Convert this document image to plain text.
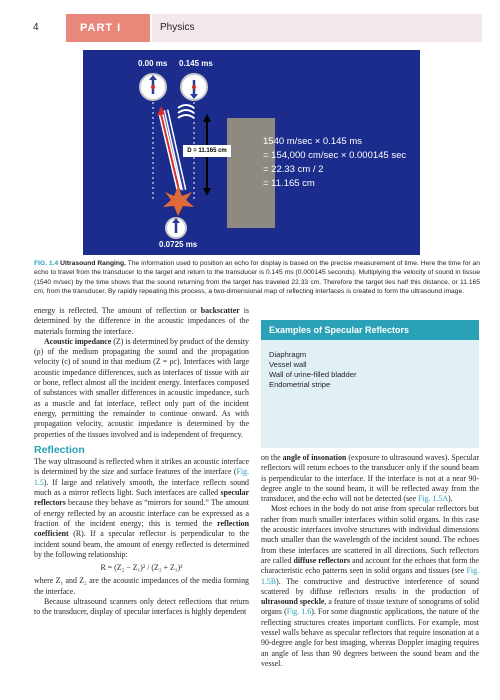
4	PART I	Physics
0.00 ms 0.145 ms
D = 11.165 cm
0.0725 ms
1540 m/sec × 0.145 ms
= 154,000 cm/sec × 0.000145 sec
= 22.33 cm / 2
= 11.165 cm
FIG. 1.4 Ultrasound Ranging. The information used to position an echo for display is based on the precise measurement of time. Here the time for an echo to travel from the transducer to the target and return to the transducer is 0.145 ms (0.000145 seconds). Multiplying the velocity of sound in tissue (1540 m/sec) by the time shows that the sound returning from the target has traveled 22.33 cm. Therefore the target lies half this distance, or 11.165 cm, from the transducer. By rapidly repeating this process, a two-dimensional map of reflecting interfaces is created to form the ultrasound image.

energy is reflected. The amount of reflection or backscatter is determined by the difference in the acoustic impedances of the materials forming the interface.

Acoustic impedance (Z) is determined by product of the density (ρ) of the medium propagating the sound and the propagation velocity (c) of sound in that medium (Z = ρc). Interfaces with large acoustic impedance differences, such as interfaces of tissue with air or bone, reflect almost all the incident energy. Interfaces composed of substances with smaller differences in acoustic impedance, such as a muscle and fat interface, reflect only part of the incident energy, permitting the remainder to continue onward. As with propagation velocity, acoustic impedance is determined by the properties of the tissues involved and is independent of frequency.

Reflection

The way ultrasound is reflected when it strikes an acoustic interface is determined by the size and surface features of the interface (Fig. 1.5). If large and relatively smooth, the interface reflects sound much as a mirror reflects light. Such interfaces are called specular reflectors because they behave as “mirrors for sound.” The amount of energy reflected by an acoustic interface can be expressed as a fraction of the incident energy; this is termed the reflection coefficient (R). If a specular reflector is perpendicular to the incident sound beam, the amount of energy reflected is determined by the following relationship:

R = (Z₂ − Z₁)² / (Z₂ + Z₁)²

where Z₁ and Z₂ are the acoustic impedances of the media forming the interface.

Because ultrasound scanners only detect reflections that return to the transducer, display of specular interfaces is highly dependent

Examples of Specular Reflectors
Diaphragm
Vessel wall
Wall of urine-filled bladder
Endometrial stripe

on the angle of insonation (exposure to ultrasound waves). Specular reflectors will return echoes to the transducer only if the sound beam is perpendicular to the interface. If the interface is not at a near 90-degree angle to the sound beam, it will be reflected away from the transducer, and the echo will not be detected (see Fig. 1.5A).

Most echoes in the body do not arise from specular reflectors but rather from much smaller interfaces within solid organs. In this case the acoustic interfaces involve structures with individual dimensions much smaller than the wavelength of the incident sound. The echoes from these interfaces are scattered in all directions. Such reflectors are called diffuse reflectors and account for the echoes that form the characteristic echo patterns seen in solid organs and tissues (see Fig. 1.5B). The constructive and destructive interference of sound scattered by diffuse reflectors results in the production of ultrasound speckle, a feature of tissue texture of sonograms of solid organs (Fig. 1.6). For some diagnostic applications, the nature of the reflecting structures creates important conflicts. For example, most vessel walls behave as specular reflectors that require insonation at a 90-degree angle for best imaging, whereas Doppler imaging requires an angle of less than 90 degrees between the sound beam and the vessel.
